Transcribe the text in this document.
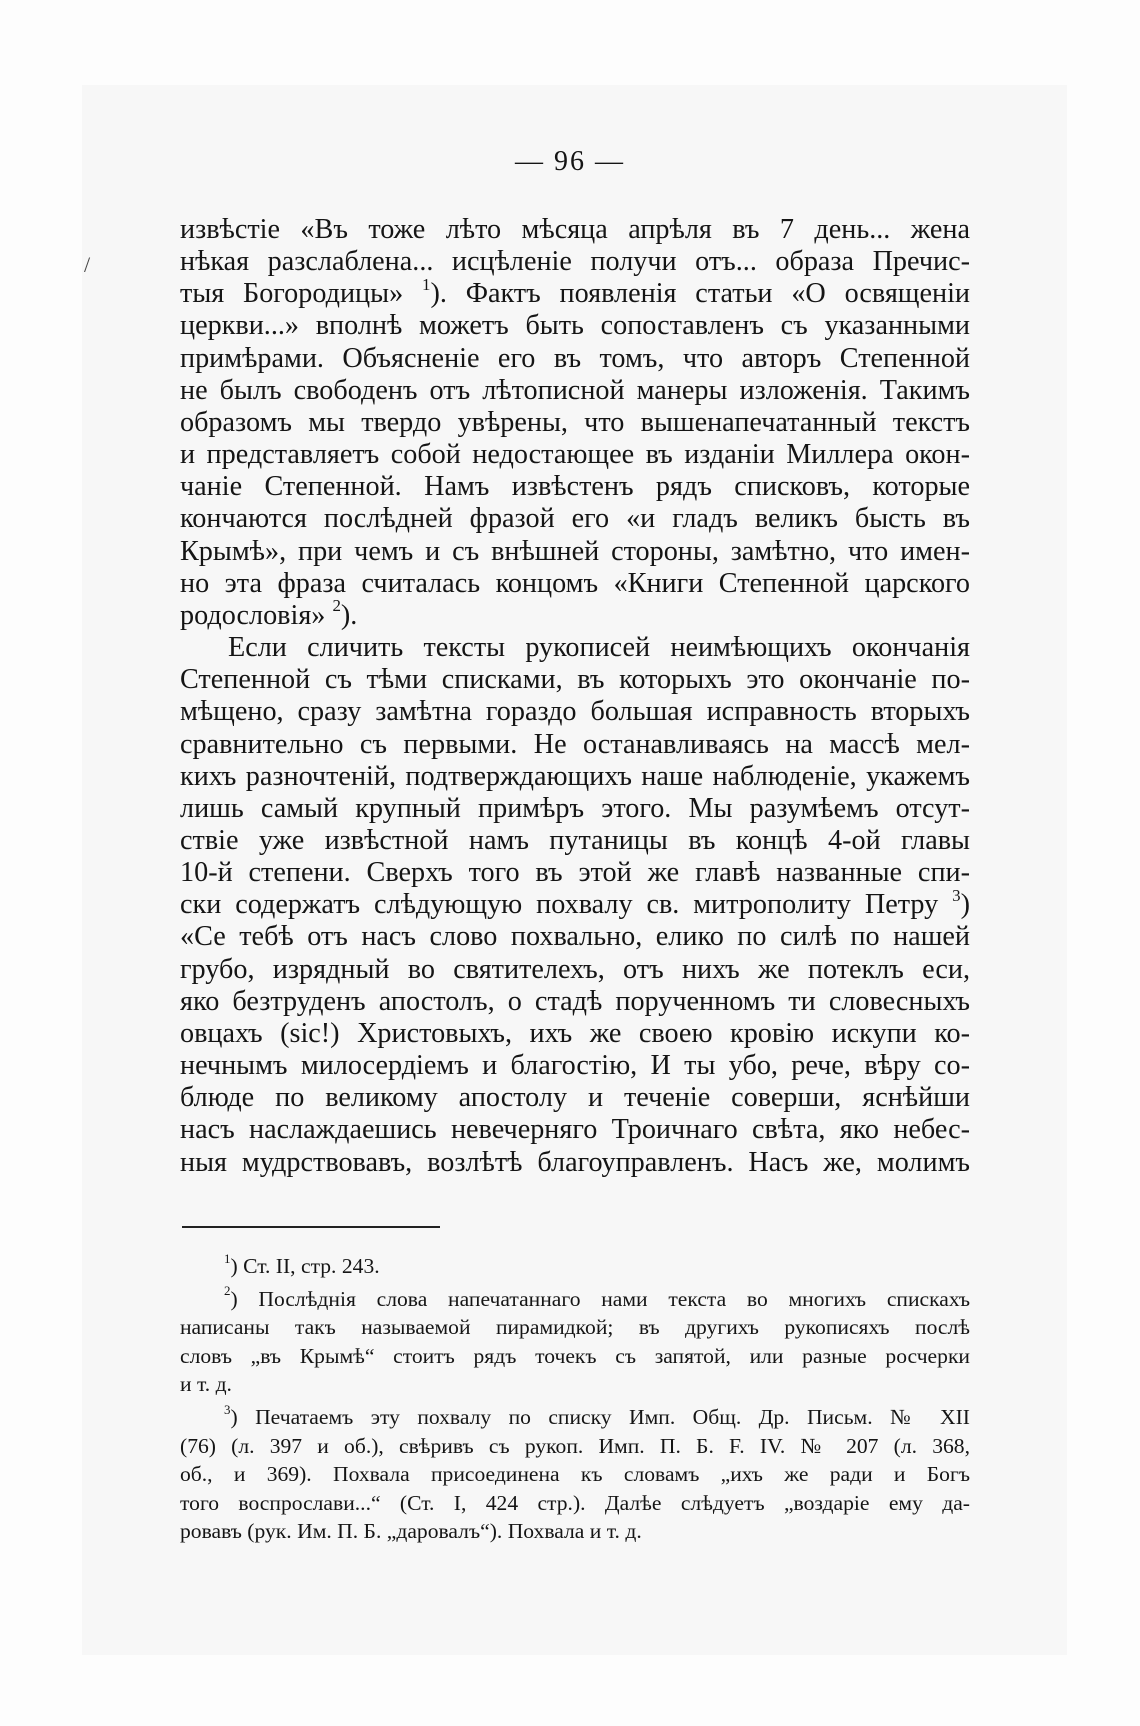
— 96 —
/
извѣстіе «Въ тоже лѣто мѣсяца апрѣля въ 7 день... жена
нѣкая разслаблена... исцѣленіе получи отъ... образа Пречис-
тыя Богородицы» $^1$). Фактъ появленія статьи «О освященіи
церкви...» вполнѣ можетъ быть сопоставленъ съ указанными
примѣрами. Объясненіе его въ томъ, что авторъ Степенной
не былъ свободенъ отъ лѣтописной манеры изложенія. Такимъ
образомъ мы твердо увѣрены, что вышенапечатанный текстъ
и представляетъ собой недостающее въ изданіи Миллера окон-
чаніе Степенной. Намъ извѣстенъ рядъ списковъ, которые
кончаются послѣдней фразой его «и гладъ великъ бысть въ
Крымѣ», при чемъ и съ внѣшней стороны, замѣтно, что имен-
но эта фраза считалась концомъ «Книги Степенной царского
родословія» $^2$).
Если сличить тексты рукописей неимѣющихъ окончанія
Степенной съ тѣми списками, въ которыхъ это окончаніе по-
мѣщено, сразу замѣтна гораздо большая исправность вторыхъ
сравнительно съ первыми. Не останавливаясь на массѣ мел-
кихъ разночтеній, подтверждающихъ наше наблюденіе, укажемъ
лишь самый крупный примѣръ этого. Мы разумѣемъ отсут-
ствіе уже извѣстной намъ путаницы въ концѣ 4-ой главы
10-й степени. Сверхъ того въ этой же главѣ названные спи-
ски содержатъ слѣдующую похвалу св. митрополиту Петру $^3$)
«Се тебѣ отъ насъ слово похвально, елико по силѣ по нашей
грубо, изрядный во святителехъ, отъ нихъ же потеклъ еси,
яко безтруденъ апостолъ, о стадѣ порученномъ ти словесныхъ
овцахъ (sic!) Христовыхъ, ихъ же своею кровію искупи ко-
нечнымъ милосердіемъ и благостію, И ты убо, рече, вѣру со-
блюде по великому апостолу и теченіе соверши, яснѣйши
насъ наслаждаешись невечерняго Троичнаго свѣта, яко небес-
ныя мудрствовавъ, возлѣтѣ благоуправленъ. Насъ же, молимъ
$^1$) Ст. II, стр. 243.
$^2$) Послѣднія слова напечатаннаго нами текста во многихъ спискахъ
написаны такъ называемой пирамидкой; въ другихъ рукописяхъ послѣ
словъ „въ Крымѣ“ стоитъ рядъ точекъ съ запятой, или разные росчерки
и т. д.
$^3$) Печатаемъ эту похвалу по списку Имп. Общ. Др. Письм. № XII
(76) (л. 397 и об.), свѣривъ съ рукоп. Имп. П. Б. F. IV. № 207 (л. 368,
об., и 369). Похвала присоединена къ словамъ „ихъ же ради и Богъ
того воспрослави...“ (Ст. I, 424 стр.). Далѣе слѣдуетъ „воздаріе ему да-
ровавъ (рук. Им. П. Б. „даровалъ“). Похвала и т. д.
